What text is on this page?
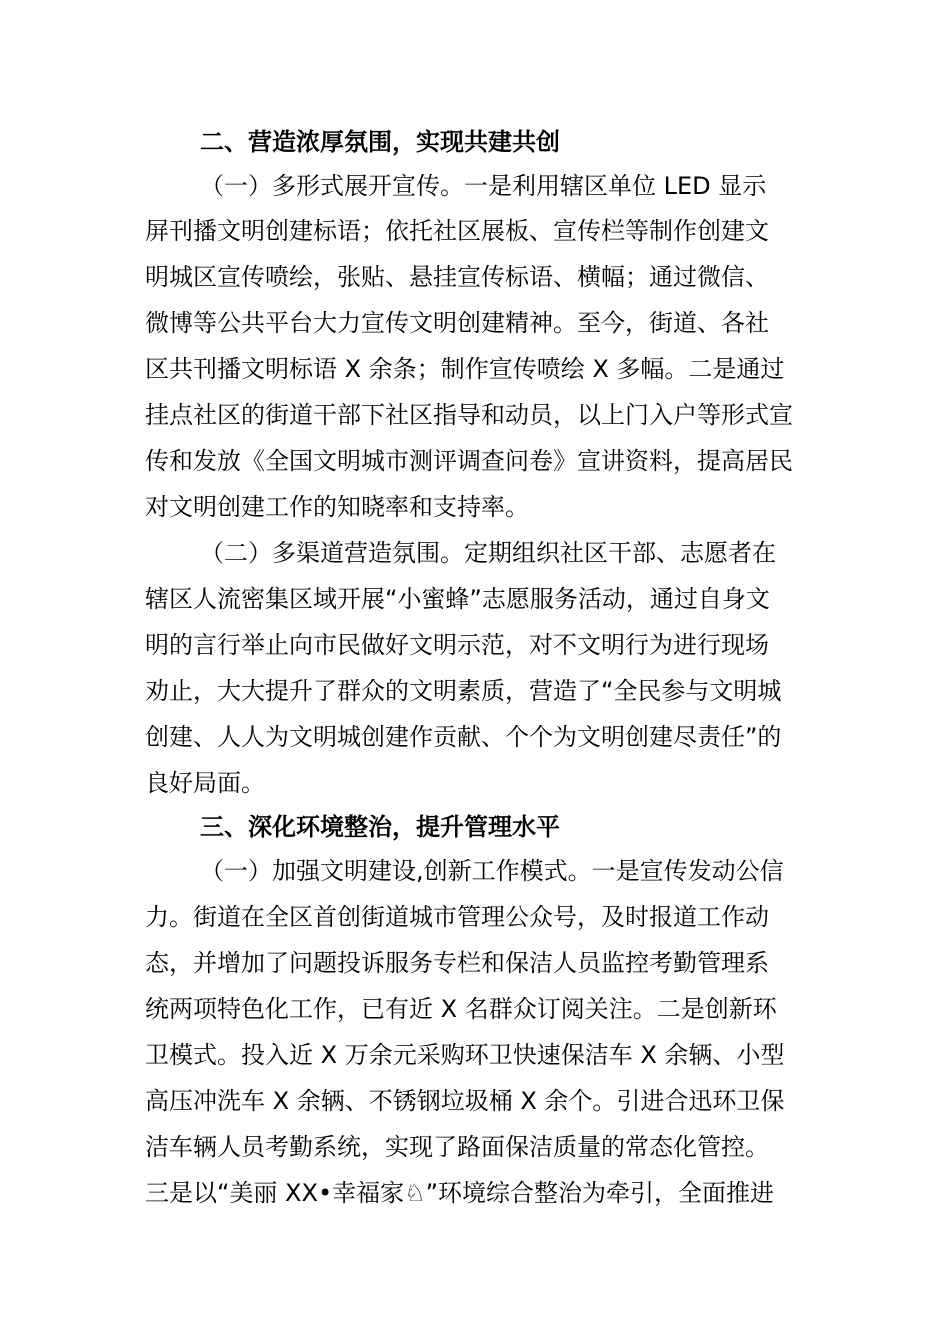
二、营造浓厚氛围，实现共建共创
（一）多形式展开宣传。一是利用辖区单位 LED 显示
屏刊播文明创建标语；依托社区展板、宣传栏等制作创建文
明城区宣传喷绘，张贴、悬挂宣传标语、横幅；通过微信、
微博等公共平台大力宣传文明创建精神。至今，街道、各社
区共刊播文明标语 X 余条；制作宣传喷绘 X 多幅。二是通过
挂点社区的街道干部下社区指导和动员，以上门入户等形式宣
传和发放《全国文明城市测评调查问卷》宣讲资料，提高居民
对文明创建工作的知晓率和支持率。
（二）多渠道营造氛围。定期组织社区干部、志愿者在
辖区人流密集区域开展“小蜜蜂”志愿服务活动，通过自身文
明的言行举止向市民做好文明示范，对不文明行为进行现场
劝止，大大提升了群众的文明素质，营造了“全民参与文明城
创建、人人为文明城创建作贡献、个个为文明创建尽责任”的
良好局面。
三、深化环境整治，提升管理水平
（一）加强文明建设,创新工作模式。一是宣传发动公信
力。街道在全区首创街道城市管理公众号，及时报道工作动
态，并增加了问题投诉服务专栏和保洁人员监控考勤管理系
统两项特色化工作，已有近 X 名群众订阅关注。二是创新环
卫模式。投入近 X 万余元采购环卫快速保洁车 X 余辆、小型
高压冲洗车 X 余辆、不锈钢垃圾桶 X 余个。引进合迅环卫保
洁车辆人员考勤系统，实现了路面保洁质量的常态化管控。
三是以“美丽 XX•幸福家♘”环境综合整治为牵引，全面推进
